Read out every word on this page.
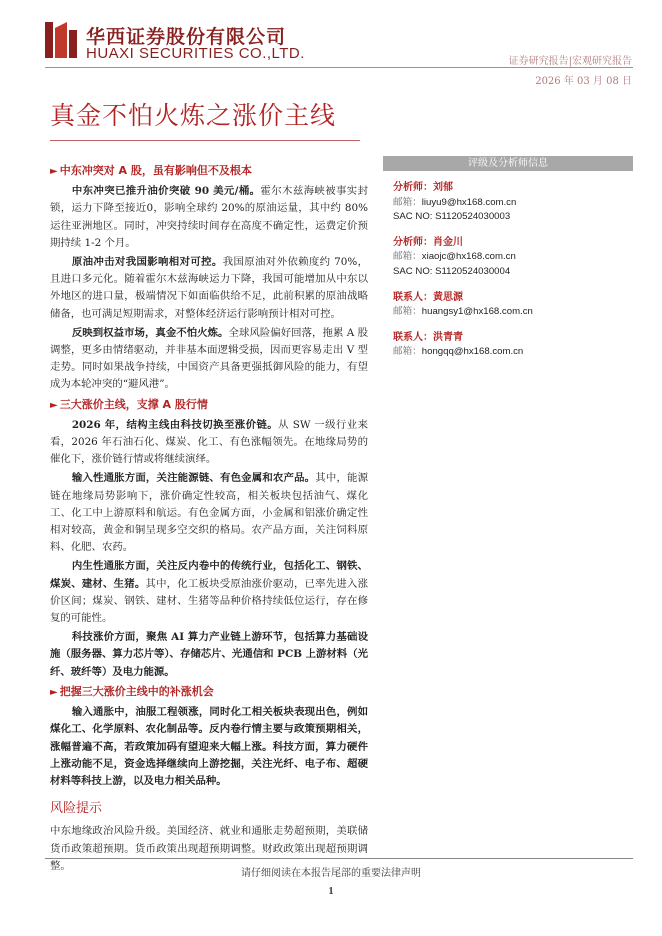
华西证券股份有限公司
HUAXI SECURITIES CO.,LTD.	证券研究报告|宏观研究报告
2026 年 03 月 08 日
真金不怕火炼之涨价主线
► 中东冲突对 A 股，虽有影响但不及根本

中东冲突已推升油价突破 90 美元/桶。霍尔木兹海峡被事实封锁，运力下降至接近0，影响全球约 20%的原油运量，其中约 80%运往亚洲地区。同时，冲突持续时间存在高度不确定性，运费定价预期持续 1-2 个月。

原油冲击对我国影响相对可控。我国原油对外依赖度约 70%，且进口多元化。随着霍尔木兹海峡运力下降，我国可能增加从中东以外地区的进口量，极端情况下如面临供给不足，此前积累的原油战略储备，也可满足短期需求，对整体经济运行影响预计相对可控。

反映到权益市场，真金不怕火炼。全球风险偏好回落，拖累 A 股调整，更多由情绪驱动，并非基本面逻辑受损，因而更容易走出 V 型走势。同时如果战争持续，中国资产具备更强抵御风险的能力，有望成为本轮冲突的“避风港”。

► 三大涨价主线，支撑 A 股行情

2026 年，结构主线由科技切换至涨价链。从 SW 一级行业来看，2026 年石油石化、煤炭、化工、有色涨幅领先。在地缘局势的催化下，涨价链行情或将继续演绎。

输入性通胀方面，关注能源链、有色金属和农产品。其中，能源链在地缘局势影响下，涨价确定性较高，相关板块包括油气、煤化工、化工中上游原料和航运。有色金属方面，小金属和铝涨价确定性相对较高，黄金和铜呈现多空交织的格局。农产品方面，关注饲料原料、化肥、农药。

内生性通胀方面，关注反内卷中的传统行业，包括化工、钢铁、煤炭、建材、生猪。其中，化工板块受原油涨价驱动，已率先进入涨价区间；煤炭、钢铁、建材、生猪等品种价格持续低位运行，存在修复的可能性。

科技涨价方面，聚焦 AI 算力产业链上游环节，包括算力基础设施（服务器、算力芯片等）、存储芯片、光通信和 PCB 上游材料（光纤、玻纤等）及电力能源。

► 把握三大涨价主线中的补涨机会

输入通胀中，油服工程领涨，同时化工相关板块表现出色，例如煤化工、化学原料、农化制品等。反内卷行情主要与政策预期相关，涨幅普遍不高，若政策加码有望迎来大幅上涨。科技方面，算力硬件上涨动能不足，资金选择继续向上游挖掘，关注光纤、电子布、超硬材料等科技上游，以及电力相关品种。

风险提示

中东地缘政治风险升级。美国经济、就业和通胀走势超预期，美联储货币政策超预期。货币政策出现超预期调整。财政政策出现超预期调整。

评级及分析师信息
分析师：刘郁
邮箱：liuyu9@hx168.com.cn
SAC NO: S1120524030003
分析师：肖金川
邮箱：xiaojc@hx168.com.cn
SAC NO: S1120524030004
联系人：黄思源
邮箱：huangsy1@hx168.com.cn
联系人：洪青青
邮箱：hongqq@hx168.com.cn
请仔细阅读在本报告尾部的重要法律声明
1
